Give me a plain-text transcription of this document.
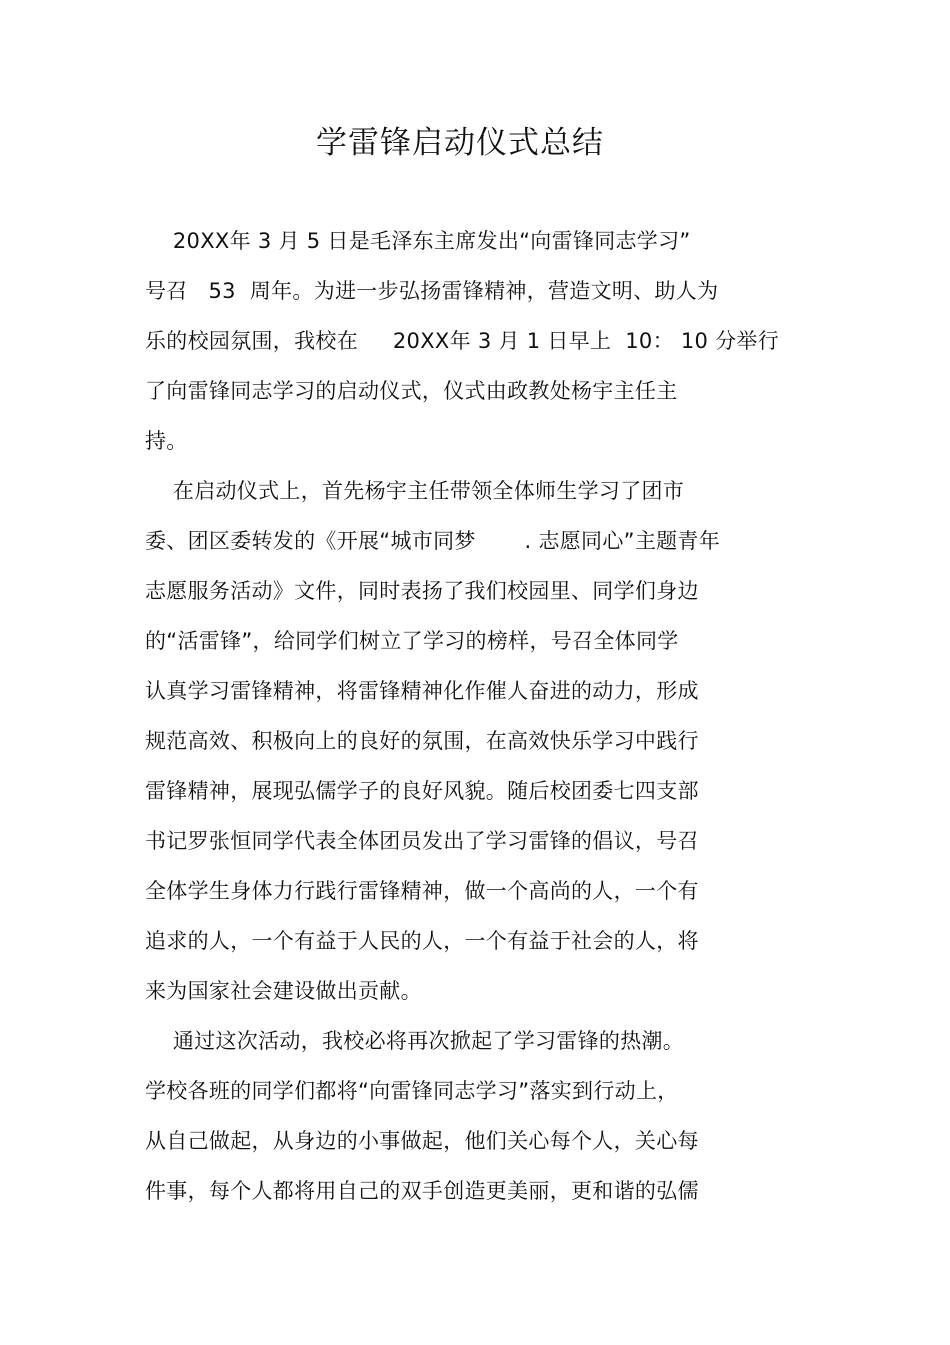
学雷锋启动仪式总结
20XX年 3 月 5 日是毛泽东主席发出“向雷锋同志学习”
号召   53  周年。为进一步弘扬雷锋精神，营造文明、助人为
乐的校园氛围，我校在     20XX年 3 月 1 日早上  10： 10 分举行
了向雷锋同志学习的启动仪式，仪式由政教处杨宇主任主
持。
在启动仪式上，首先杨宇主任带领全体师生学习了团市
委、团区委转发的《开展“城市同梦       . 志愿同心”主题青年
志愿服务活动》文件，同时表扬了我们校园里、同学们身边
的“活雷锋”，给同学们树立了学习的榜样，号召全体同学
认真学习雷锋精神，将雷锋精神化作催人奋进的动力，形成
规范高效、积极向上的良好的氛围，在高效快乐学习中践行
雷锋精神，展现弘儒学子的良好风貌。随后校团委七四支部
书记罗张恒同学代表全体团员发出了学习雷锋的倡议，号召
全体学生身体力行践行雷锋精神，做一个高尚的人，一个有
追求的人，一个有益于人民的人，一个有益于社会的人，将
来为国家社会建设做出贡献。
通过这次活动，我校必将再次掀起了学习雷锋的热潮。
学校各班的同学们都将“向雷锋同志学习”落实到行动上，
从自己做起，从身边的小事做起，他们关心每个人，关心每
件事，每个人都将用自己的双手创造更美丽，更和谐的弘儒
